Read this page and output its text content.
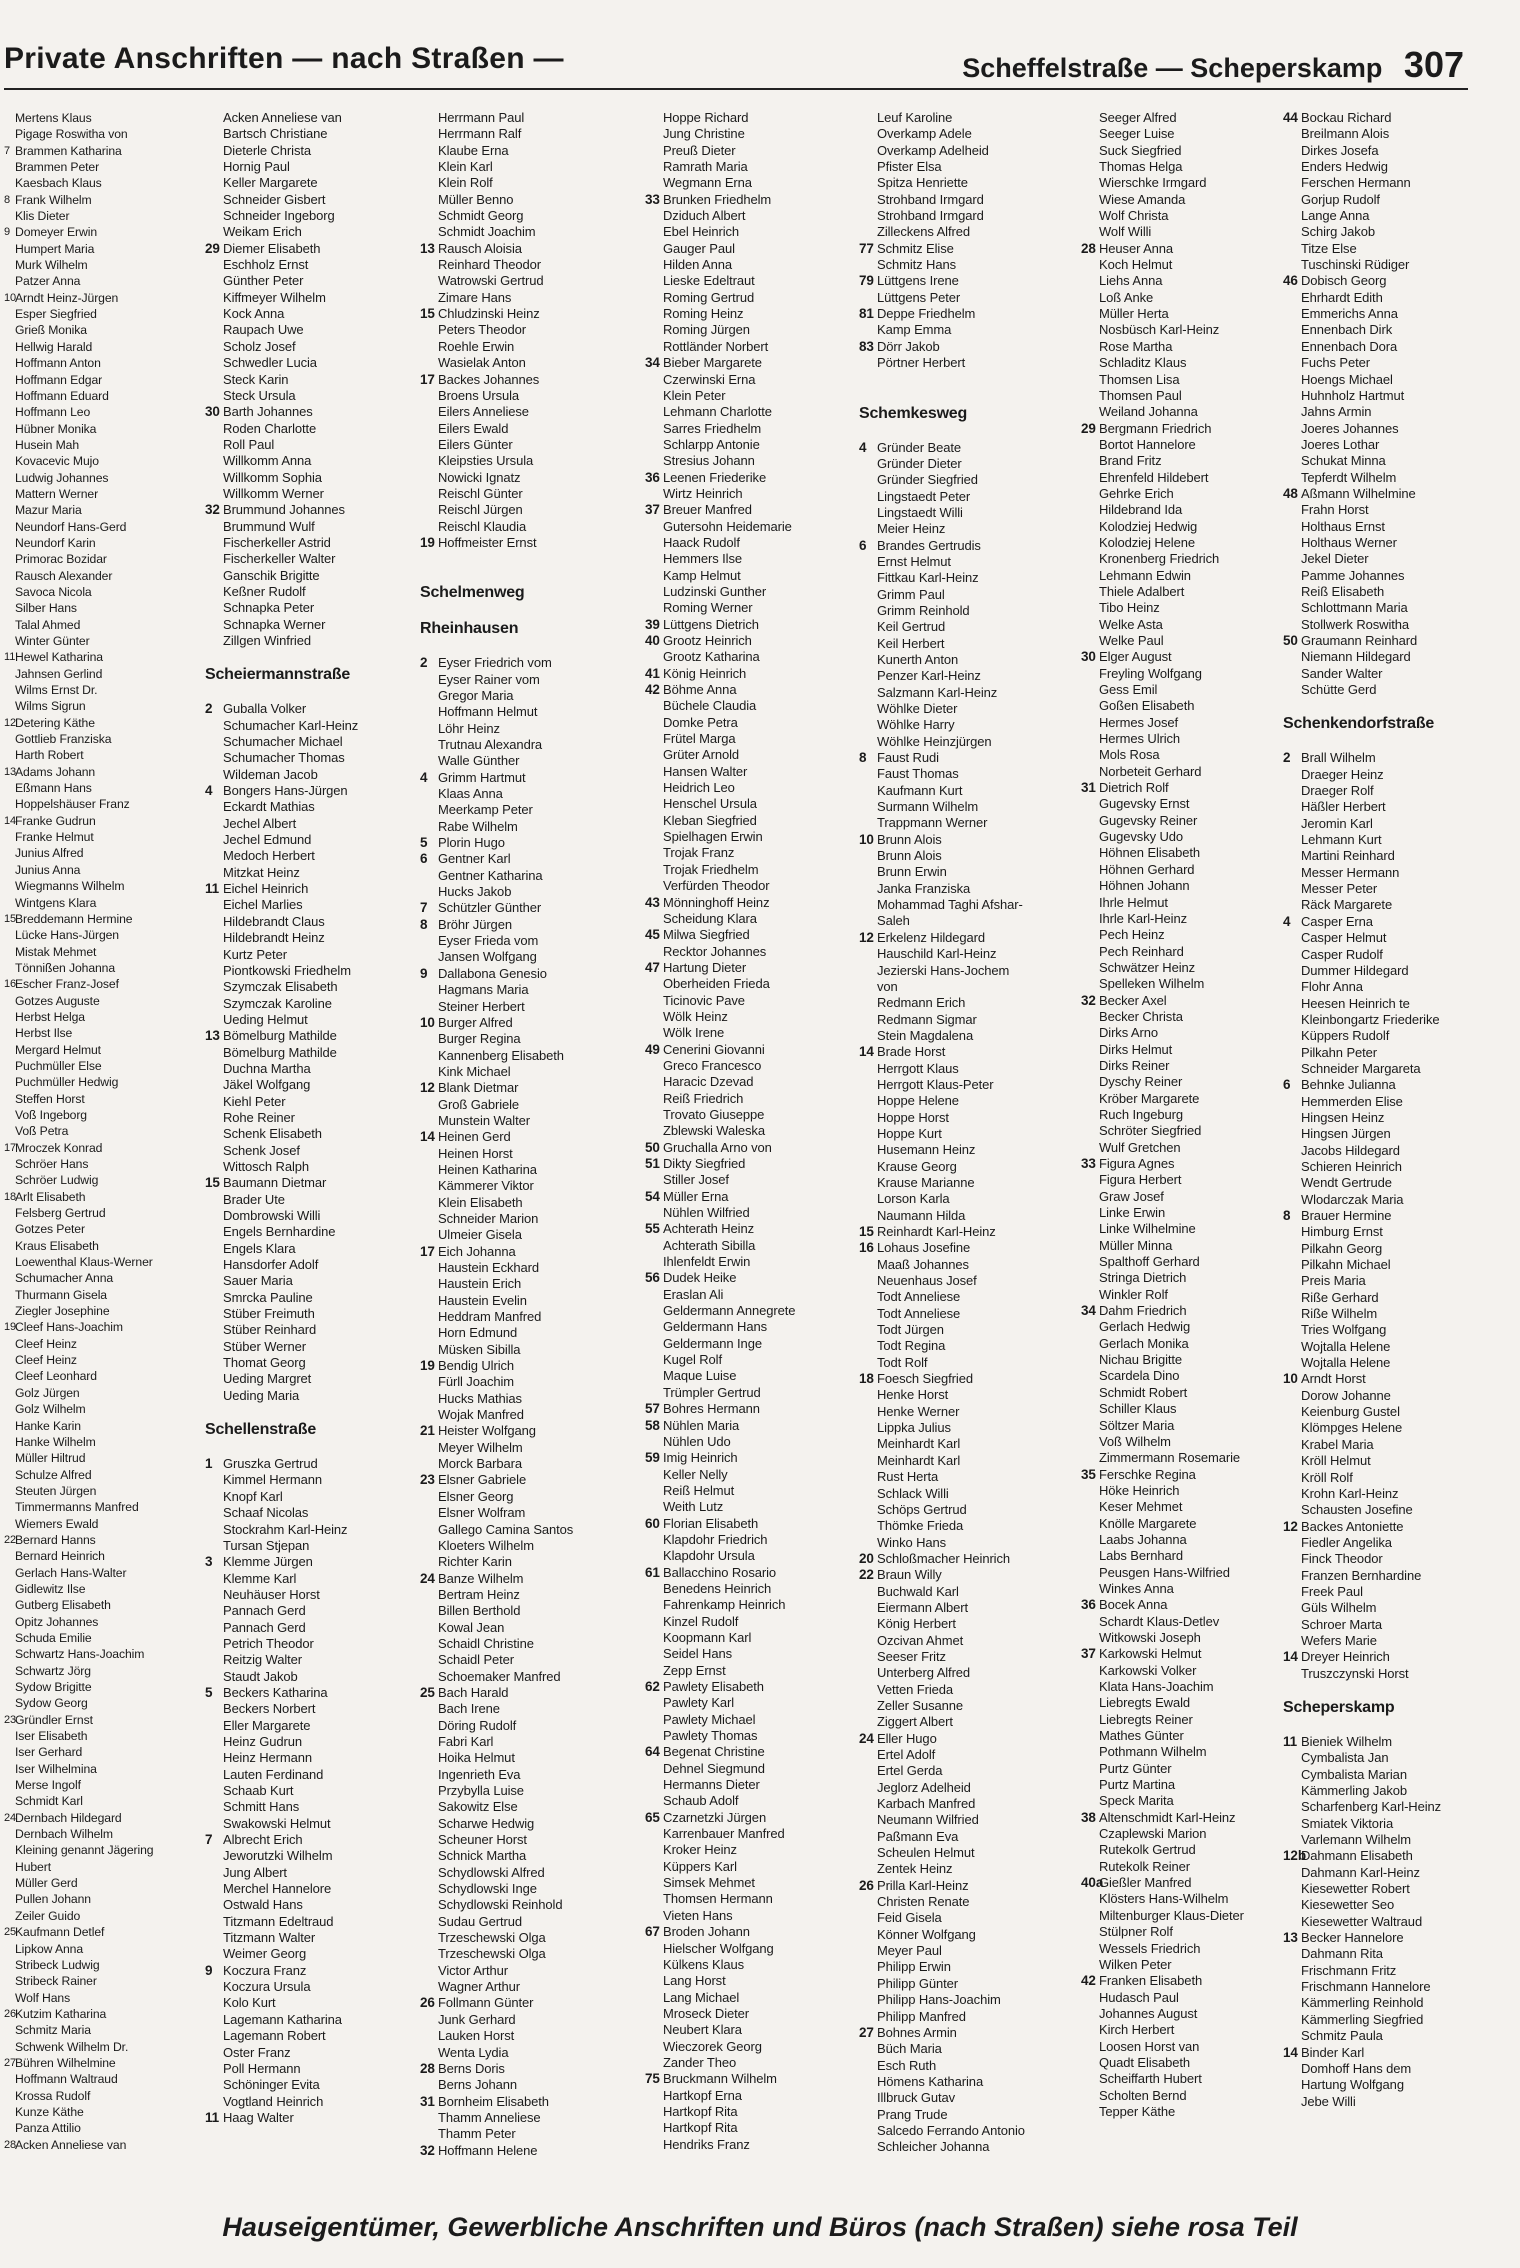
Private Anschriften — nach Straßen —	Scheffelstraße — Scheperskamp 307
Mertens Klaus
Pigage Roswitha von
7 Brammen Katharina
Brammen Peter
Kaesbach Klaus
8 Frank Wilhelm
Klis Dieter
9 Domeyer Erwin
Humpert Maria
Murk Wilhelm
Patzer Anna
10
Arndt Heinz-Jürgen
Esper Siegfried
Grieß Monika
Hellwig Harald
Hoffmann Anton
Hoffmann Edgar
Hoffmann Eduard
Hoffmann Leo
Hübner Monika
Husein Mah
Kovacevic Mujo
Ludwig Johannes
Mattern Werner
Mazur Maria
Neundorf Hans-Gerd
Neundorf Karin
Primorac Bozidar
Rausch Alexander
Savoca Nicola
Silber Hans
Talal Ahmed
Winter Günter
11 Hewel Katharina
Jahnsen Gerlind
Wilms Ernst Dr.
Wilms Sigrun
12
Detering Käthe
Gottlieb Franziska
Harth Robert
13
Adams Johann
Eßmann Hans
Hoppelshäuser Franz
14
Franke Gudrun
Franke Helmut
Junius Alfred
Junius Anna
Wiegmanns Wilhelm
Wintgens Klara
15
Breddemann Hermine
Lücke Hans-Jürgen
Mistak Mehmet
Tönnißen Johanna
16
Escher Franz-Josef
Gotzes Auguste
Herbst Helga
Herbst Ilse
Mergard Helmut
Puchmüller Else
Puchmüller Hedwig
Steffen Horst
Voß Ingeborg
Voß Petra
17
Mroczek Konrad
Schröer Hans
Schröer Ludwig
18
Arlt Elisabeth
Felsberg Gertrud
Gotzes Peter
Kraus Elisabeth
Loewenthal Klaus-Werner
Schumacher Anna
Thurmann Gisela
Ziegler Josephine
19
Cleef Hans-Joachim
Cleef Heinz
Cleef Heinz
Cleef Leonhard
Golz Jürgen
Golz Wilhelm
Hanke Karin
Hanke Wilhelm
Müller Hiltrud
Schulze Alfred
Steuten Jürgen
Timmermanns Manfred
Wiemers Ewald
22
Bernard Hanns
Bernard Heinrich
Gerlach Hans-Walter
Gidlewitz Ilse
Gutberg Elisabeth
Opitz Johannes
Schuda Emilie
Schwartz Hans-Joachim
Schwartz Jörg
Sydow Brigitte
Sydow Georg
23
Gründler Ernst
Iser Elisabeth
Iser Gerhard
Iser Wilhelmina
Merse Ingolf
Schmidt Karl
24
Dernbach Hildegard
Dernbach Wilhelm
Kleining genannt Jägering
Hubert
Müller Gerd
Pullen Johann
Zeiler Guido
25
Kaufmann Detlef
Lipkow Anna
Stribeck Ludwig
Stribeck Rainer
Wolf Hans
26
Kutzim Katharina
Schmitz Maria
Schwenk Wilhelm Dr.
27
Bühren Wilhelmine
Hoffmann Waltraud
Krossa Rudolf
Kunze Käthe
Panza Attilio
28
Acken Anneliese van
Acken Anneliese van
Bartsch Christiane
Dieterle Christa
Hornig Paul
Keller Margarete
Schneider Gisbert
Schneider Ingeborg
Weikam Erich
29 Diemer Elisabeth
Eschholz Ernst
Günther Peter
Kiffmeyer Wilhelm
Kock Anna
Raupach Uwe
Scholz Josef
Schwedler Lucia
Steck Karin
Steck Ursula
30 Barth Johannes
Roden Charlotte
Roll Paul
Willkomm Anna
Willkomm Sophia
Willkomm Werner
32 Brummund Johannes
Brummund Wulf
Fischerkeller Astrid
Fischerkeller Walter
Ganschik Brigitte
Keßner Rudolf
Schnapka Peter
Schnapka Werner
Zillgen Winfried
Scheiermannstraße
2 Guballa Volker
Schumacher Karl-Heinz
Schumacher Michael
Schumacher Thomas
Wildeman Jacob
4 Bongers Hans-Jürgen
Eckardt Mathias
Jechel Albert
Jechel Edmund
Medoch Herbert
Mitzkat Heinz
11 Eichel Heinrich
Eichel Marlies
Hildebrandt Claus
Hildebrandt Heinz
Kurtz Peter
Piontkowski Friedhelm
Szymczak Elisabeth
Szymczak Karoline
Ueding Helmut
13 Bömelburg Mathilde
Bömelburg Mathilde
Duchna Martha
Jäkel Wolfgang
Kiehl Peter
Rohe Reiner
Schenk Elisabeth
Schenk Josef
Wittosch Ralph
15 Baumann Dietmar
Brader Ute
Dombrowski Willi
Engels Bernhardine
Engels Klara
Hansdorfer Adolf
Sauer Maria
Smrcka Pauline
Stüber Freimuth
Stüber Reinhard
Stüber Werner
Thomat Georg
Ueding Margret
Ueding Maria
Schellenstraße
1 Gruszka Gertrud
Kimmel Hermann
Knopf Karl
Schaaf Nicolas
Stockrahm Karl-Heinz
Tursan Stjepan
3 Klemme Jürgen
Klemme Karl
Neuhäuser Horst
Pannach Gerd
Pannach Gerd
Petrich Theodor
Reitzig Walter
Staudt Jakob
5 Beckers Katharina
Beckers Norbert
Eller Margarete
Heinz Gudrun
Heinz Hermann
Lauten Ferdinand
Schaab Kurt
Schmitt Hans
Swakowski Helmut
7 Albrecht Erich
Jeworutzki Wilhelm
Jung Albert
Merchel Hannelore
Ostwald Hans
Titzmann Edeltraud
Titzmann Walter
Weimer Georg
9 Koczura Franz
Koczura Ursula
Kolo Kurt
Lagemann Katharina
Lagemann Robert
Oster Franz
Poll Hermann
Schöninger Evita
Vogtland Heinrich
11 Haag Walter
Herrmann Paul
Herrmann Ralf
Klaube Erna
Klein Karl
Klein Rolf
Müller Benno
Schmidt Georg
Schmidt Joachim
13 Rausch Aloisia
Reinhard Theodor
Watrowski Gertrud
Zimare Hans
15 Chludzinski Heinz
Peters Theodor
Roehle Erwin
Wasielak Anton
17 Backes Johannes
Broens Ursula
Eilers Anneliese
Eilers Ewald
Eilers Günter
Kleipsties Ursula
Nowicki Ignatz
Reischl Günter
Reischl Jürgen
Reischl Klaudia
19 Hoffmeister Ernst
Schelmenweg
Rheinhausen
2 Eyser Friedrich vom
Eyser Rainer vom
Gregor Maria
Hoffmann Helmut
Löhr Heinz
Trutnau Alexandra
Walle Günther
4 Grimm Hartmut
Klaas Anna
Meerkamp Peter
Rabe Wilhelm
5 Plorin Hugo
6 Gentner Karl
Gentner Katharina
Hucks Jakob
7 Schützler Günther
8 Bröhr Jürgen
Eyser Frieda vom
Jansen Wolfgang
9 Dallabona Genesio
Hagmans Maria
Steiner Herbert
10 Burger Alfred
Burger Regina
Kannenberg Elisabeth
Kink Michael
12 Blank Dietmar
Groß Gabriele
Munstein Walter
14 Heinen Gerd
Heinen Horst
Heinen Katharina
Kämmerer Viktor
Klein Elisabeth
Schneider Marion
Ulmeier Gisela
17 Eich Johanna
Haustein Eckhard
Haustein Erich
Haustein Evelin
Heddram Manfred
Horn Edmund
Müsken Sibilla
19 Bendig Ulrich
Fürll Joachim
Hucks Mathias
Wojak Manfred
21 Heister Wolfgang
Meyer Wilhelm
Morck Barbara
23 Elsner Gabriele
Elsner Georg
Elsner Wolfram
Gallego Camina Santos
Kloeters Wilhelm
Richter Karin
24 Banze Wilhelm
Bertram Heinz
Billen Berthold
Kowal Jean
Schaidl Christine
Schaidl Peter
Schoemaker Manfred
25 Bach Harald
Bach Irene
Döring Rudolf
Fabri Karl
Hoika Helmut
Ingenrieth Eva
Przybylla Luise
Sakowitz Else
Scharwe Hedwig
Scheuner Horst
Schnick Martha
Schydlowski Alfred
Schydlowski Inge
Schydlowski Reinhold
Sudau Gertrud
Trzeschewski Olga
Trzeschewski Olga
Victor Arthur
Wagner Arthur
26 Follmann Günter
Junk Gerhard
Lauken Horst
Wenta Lydia
28 Berns Doris
Berns Johann
31 Bornheim Elisabeth
Thamm Anneliese
Thamm Peter
32 Hoffmann Helene
Hoppe Richard
Jung Christine
Preuß Dieter
Ramrath Maria
Wegmann Erna
33 Brunken Friedhelm
Dziduch Albert
Ebel Heinrich
Gauger Paul
Hilden Anna
Lieske Edeltraut
Roming Gertrud
Roming Heinz
Roming Jürgen
Rottländer Norbert
34 Bieber Margarete
Czerwinski Erna
Klein Peter
Lehmann Charlotte
Sarres Friedhelm
Schlarpp Antonie
Stresius Johann
36 Leenen Friederike
Wirtz Heinrich
37 Breuer Manfred
Gutersohn Heidemarie
Haack Rudolf
Hemmers Ilse
Kamp Helmut
Ludzinski Gunther
Roming Werner
39 Lüttgens Dietrich
40 Grootz Heinrich
Grootz Katharina
41 König Heinrich
42 Böhme Anna
Büchele Claudia
Domke Petra
Frütel Marga
Grüter Arnold
Hansen Walter
Heidrich Leo
Henschel Ursula
Kleban Siegfried
Spielhagen Erwin
Trojak Franz
Trojak Friedhelm
Verfürden Theodor
43 Mönninghoff Heinz
Scheidung Klara
45 Milwa Siegfried
Recktor Johannes
47 Hartung Dieter
Oberheiden Frieda
Ticinovic Pave
Wölk Heinz
Wölk Irene
49 Cenerini Giovanni
Greco Francesco
Haracic Dzevad
Reiß Friedrich
Trovato Giuseppe
Zblewski Waleska
50 Gruchalla Arno von
51 Dikty Siegfried
Stiller Josef
54 Müller Erna
Nühlen Wilfried
55 Achterath Heinz
Achterath Sibilla
Ihlenfeldt Erwin
56 Dudek Heike
Eraslan Ali
Geldermann Annegrete
Geldermann Hans
Geldermann Inge
Kugel Rolf
Maque Luise
Trümpler Gertrud
57 Bohres Hermann
58 Nühlen Maria
Nühlen Udo
59 Imig Heinrich
Keller Nelly
Reiß Helmut
Weith Lutz
60 Florian Elisabeth
Klapdohr Friedrich
Klapdohr Ursula
61 Ballacchino Rosario
Benedens Heinrich
Fahrenkamp Heinrich
Kinzel Rudolf
Koopmann Karl
Seidel Hans
Zepp Ernst
62 Pawlety Elisabeth
Pawlety Karl
Pawlety Michael
Pawlety Thomas
64 Begenat Christine
Dehnel Siegmund
Hermanns Dieter
Schaub Adolf
65 Czarnetzki Jürgen
Karrenbauer Manfred
Kroker Heinz
Küppers Karl
Simsek Mehmet
Thomsen Hermann
Vieten Hans
67 Broden Johann
Hielscher Wolfgang
Külkens Klaus
Lang Horst
Lang Michael
Mroseck Dieter
Neubert Klara
Wieczorek Georg
Zander Theo
75 Bruckmann Wilhelm
Hartkopf Erna
Hartkopf Rita
Hartkopf Rita
Hendriks Franz
Leuf Karoline
Overkamp Adele
Overkamp Adelheid
Pfister Elsa
Spitza Henriette
Strohband Irmgard
Strohband Irmgard
Zilleckens Alfred
77 Schmitz Elise
Schmitz Hans
79 Lüttgens Irene
Lüttgens Peter
81 Deppe Friedhelm
Kamp Emma
83 Dörr Jakob
Pörtner Herbert
Schemkesweg
4 Gründer Beate
Gründer Dieter
Gründer Siegfried
Lingstaedt Peter
Lingstaedt Willi
Meier Heinz
6 Brandes Gertrudis
Ernst Helmut
Fittkau Karl-Heinz
Grimm Paul
Grimm Reinhold
Keil Gertrud
Keil Herbert
Kunerth Anton
Penzer Karl-Heinz
Salzmann Karl-Heinz
Wöhlke Dieter
Wöhlke Harry
Wöhlke Heinzjürgen
8 Faust Rudi
Faust Thomas
Kaufmann Kurt
Surmann Wilhelm
Trappmann Werner
10 Brunn Alois
Brunn Alois
Brunn Erwin
Janka Franziska
Mohammad Taghi Afshar-
Saleh
12 Erkelenz Hildegard
Hauschild Karl-Heinz
Jezierski Hans-Jochem
von
Redmann Erich
Redmann Sigmar
Stein Magdalena
14 Brade Horst
Herrgott Klaus
Herrgott Klaus-Peter
Hoppe Helene
Hoppe Horst
Hoppe Kurt
Husemann Heinz
Krause Georg
Krause Marianne
Lorson Karla
Naumann Hilda
15 Reinhardt Karl-Heinz
16 Lohaus Josefine
Maaß Johannes
Neuenhaus Josef
Todt Anneliese
Todt Anneliese
Todt Jürgen
Todt Regina
Todt Rolf
18 Foesch Siegfried
Henke Horst
Henke Werner
Lippka Julius
Meinhardt Karl
Meinhardt Karl
Rust Herta
Schlack Willi
Schöps Gertrud
Thömke Frieda
Winko Hans
20 Schloßmacher Heinrich
22 Braun Willy
Buchwald Karl
Eiermann Albert
König Herbert
Ozcivan Ahmet
Seeser Fritz
Unterberg Alfred
Vetten Frieda
Zeller Susanne
Ziggert Albert
24 Eller Hugo
Ertel Adolf
Ertel Gerda
Jeglorz Adelheid
Karbach Manfred
Neumann Wilfried
Paßmann Eva
Scheulen Helmut
Zentek Heinz
26 Prilla Karl-Heinz
Christen Renate
Feid Gisela
Könner Wolfgang
Meyer Paul
Philipp Erwin
Philipp Günter
Philipp Hans-Joachim
Philipp Manfred
27 Bohnes Armin
Büch Maria
Esch Ruth
Hömens Katharina
Illbruck Gutav
Prang Trude
Salcedo Ferrando Antonio
Schleicher Johanna
Seeger Alfred
Seeger Luise
Suck Siegfried
Thomas Helga
Wierschke Irmgard
Wiese Amanda
Wolf Christa
Wolf Willi
28 Heuser Anna
Koch Helmut
Liehs Anna
Loß Anke
Müller Herta
Nosbüsch Karl-Heinz
Rose Martha
Schladitz Klaus
Thomsen Lisa
Thomsen Paul
Weiland Johanna
29 Bergmann Friedrich
Bortot Hannelore
Brand Fritz
Ehrenfeld Hildebert
Gehrke Erich
Hildebrand Ida
Kolodziej Hedwig
Kolodziej Helene
Kronenberg Friedrich
Lehmann Edwin
Thiele Adalbert
Tibo Heinz
Welke Asta
Welke Paul
30 Elger August
Freyling Wolfgang
Gess Emil
Goßen Elisabeth
Hermes Josef
Hermes Ulrich
Mols Rosa
Norbeteit Gerhard
31 Dietrich Rolf
Gugevsky Ernst
Gugevsky Reiner
Gugevsky Udo
Höhnen Elisabeth
Höhnen Gerhard
Höhnen Johann
Ihrle Helmut
Ihrle Karl-Heinz
Pech Heinz
Pech Reinhard
Schwätzer Heinz
Spelleken Wilhelm
32 Becker Axel
Becker Christa
Dirks Arno
Dirks Helmut
Dirks Reiner
Dyschy Reiner
Kröber Margarete
Ruch Ingeburg
Schröter Siegfried
Wulf Gretchen
33 Figura Agnes
Figura Herbert
Graw Josef
Linke Erwin
Linke Wilhelmine
Müller Minna
Spalthoff Gerhard
Stringa Dietrich
Winkler Rolf
34 Dahm Friedrich
Gerlach Hedwig
Gerlach Monika
Nichau Brigitte
Scardela Dino
Schmidt Robert
Schiller Klaus
Söltzer Maria
Voß Wilhelm
Zimmermann Rosemarie
35 Ferschke Regina
Höke Heinrich
Keser Mehmet
Knölle Margarete
Laabs Johanna
Labs Bernhard
Peusgen Hans-Wilfried
Winkes Anna
36 Bocek Anna
Schardt Klaus-Detlev
Witkowski Joseph
37 Karkowski Helmut
Karkowski Volker
Klata Hans-Joachim
Liebregts Ewald
Liebregts Reiner
Mathes Günter
Pothmann Wilhelm
Purtz Günter
Purtz Martina
Speck Marita
38 Altenschmidt Karl-Heinz
Czaplewski Marion
Rutekolk Gertrud
Rutekolk Reiner
40a
Gießler Manfred
Klösters Hans-Wilhelm
Miltenburger Klaus-Dieter
Stülpner Rolf
Wessels Friedrich
Wilken Peter
42 Franken Elisabeth
Hudasch Paul
Johannes August
Kirch Herbert
Loosen Horst van
Quadt Elisabeth
Scheiffarth Hubert
Scholten Bernd
Tepper Käthe
44 Bockau Richard
Breilmann Alois
Dirkes Josefa
Enders Hedwig
Ferschen Hermann
Gorjup Rudolf
Lange Anna
Schirg Jakob
Titze Else
Tuschinski Rüdiger
46 Dobisch Georg
Ehrhardt Edith
Emmerichs Anna
Ennenbach Dirk
Ennenbach Dora
Fuchs Peter
Hoengs Michael
Huhnholz Hartmut
Jahns Armin
Joeres Johannes
Joeres Lothar
Schukat Minna
Tepferdt Wilhelm
48 Aßmann Wilhelmine
Frahn Horst
Holthaus Ernst
Holthaus Werner
Jekel Dieter
Pamme Johannes
Reiß Elisabeth
Schlottmann Maria
Stollwerk Roswitha
50 Graumann Reinhard
Niemann Hildegard
Sander Walter
Schütte Gerd
Schenkendorfstraße
2 Brall Wilhelm
Draeger Heinz
Draeger Rolf
Häßler Herbert
Jeromin Karl
Lehmann Kurt
Martini Reinhard
Messer Hermann
Messer Peter
Räck Margarete
4 Casper Erna
Casper Helmut
Casper Rudolf
Dummer Hildegard
Flohr Anna
Heesen Heinrich te
Kleinbongartz Friederike
Küppers Rudolf
Pilkahn Peter
Schneider Margareta
6 Behnke Julianna
Hemmerden Elise
Hingsen Heinz
Hingsen Jürgen
Jacobs Hildegard
Schieren Heinrich
Wendt Gertrude
Wlodarczak Maria
8 Brauer Hermine
Himburg Ernst
Pilkahn Georg
Pilkahn Michael
Preis Maria
Riße Gerhard
Riße Wilhelm
Tries Wolfgang
Wojtalla Helene
Wojtalla Helene
10 Arndt Horst
Dorow Johanne
Keienburg Gustel
Klömpges Helene
Krabel Maria
Kröll Helmut
Kröll Rolf
Krohn Karl-Heinz
Schausten Josefine
12 Backes Antoniette
Fiedler Angelika
Finck Theodor
Franzen Bernhardine
Freek Paul
Güls Wilhelm
Schroer Marta
Wefers Marie
14 Dreyer Heinrich
Truszczynski Horst
Scheperskamp
11 Bieniek Wilhelm
Cymbalista Jan
Cymbalista Marian
Kämmerling Jakob
Scharfenberg Karl-Heinz
Smiatek Viktoria
Varlemann Wilhelm
12b
Dahmann Elisabeth
Dahmann Karl-Heinz
Kiesewetter Robert
Kiesewetter Seo
Kiesewetter Waltraud
13 Becker Hannelore
Dahmann Rita
Frischmann Fritz
Frischmann Hannelore
Kämmerling Reinhold
Kämmerling Siegfried
Schmitz Paula
14 Binder Karl
Domhoff Hans dem
Hartung Wolfgang
Jebe Willi
Hauseigentümer, Gewerbliche Anschriften und Büros (nach Straßen) siehe rosa Teil
